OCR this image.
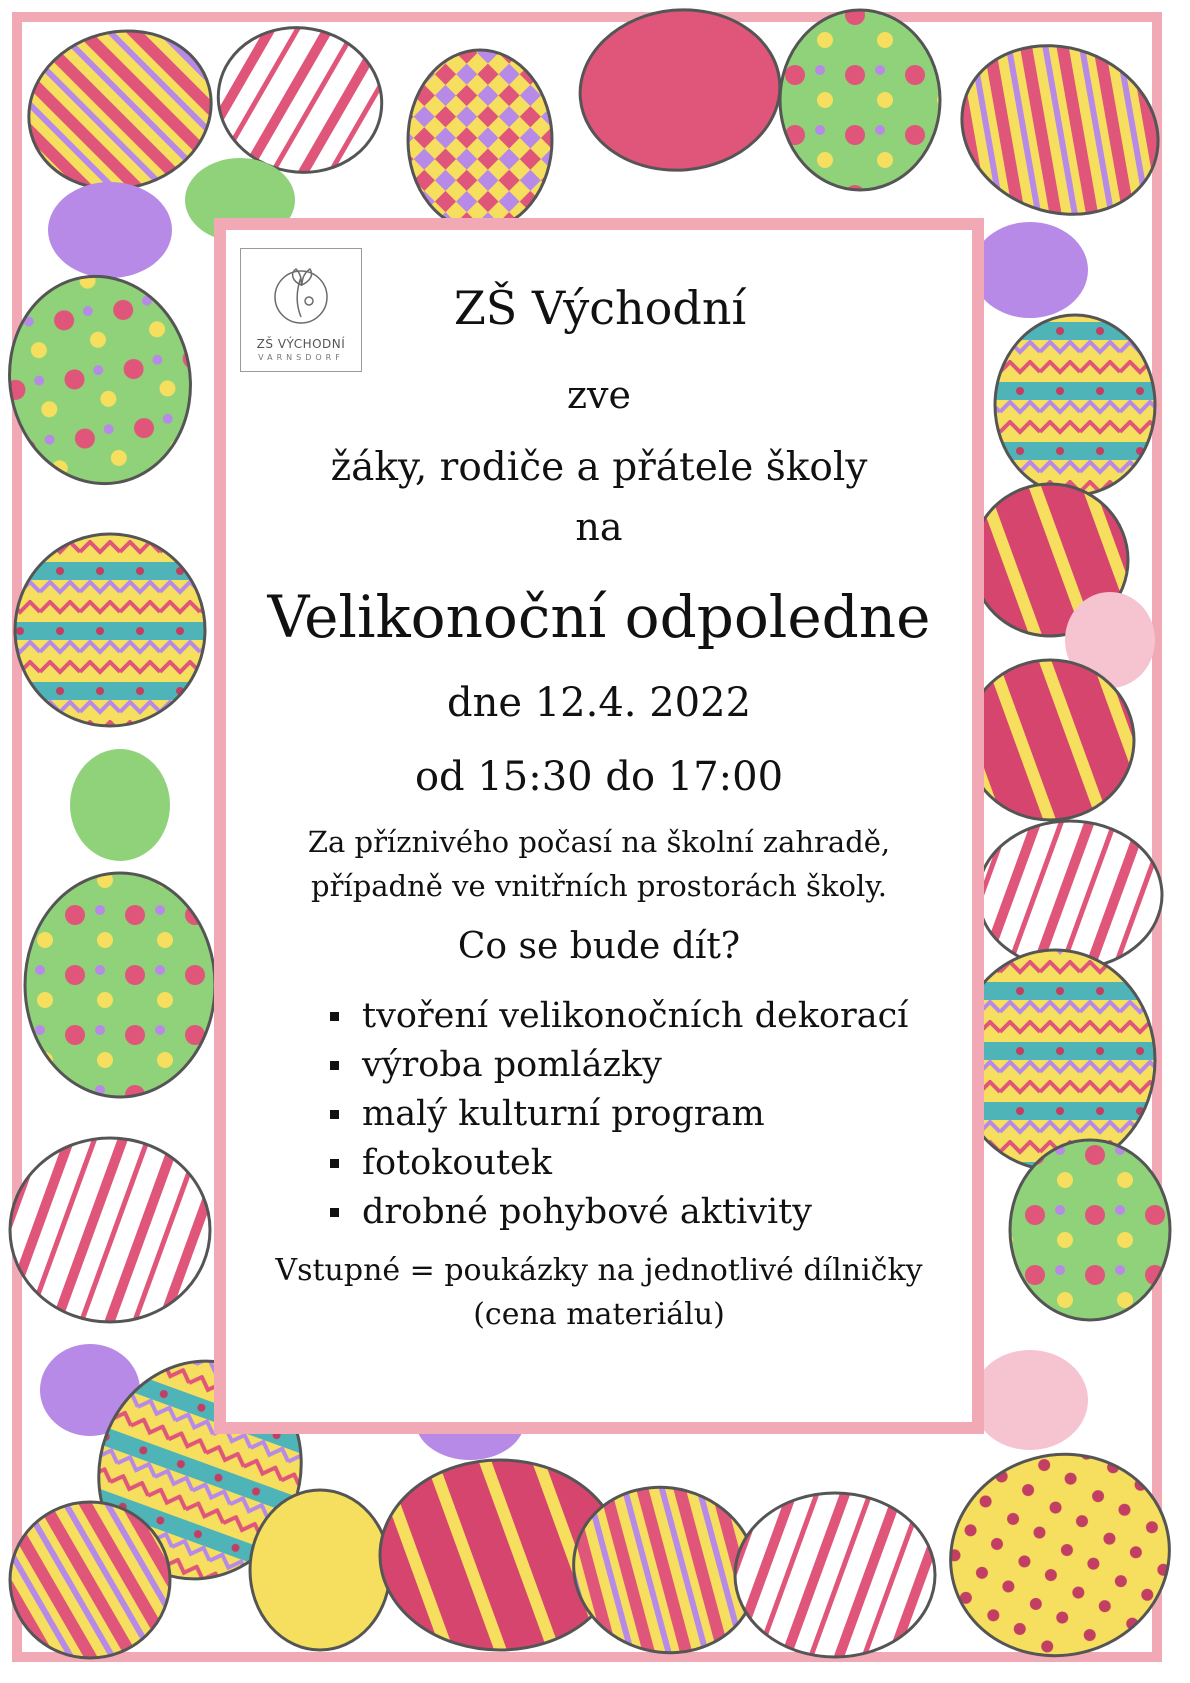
ZŠ VÝCHODNÍ
VARNSDORF
ZŠ Východní
zve
žáky, rodiče a přátele školy
na
Velikonoční odpoledne
dne 12.4. 2022
od 15:30 do 17:00
Za příznivého počasí na školní zahradě,
případně ve vnitřních prostorách školy.
Co se bude dít?
tvoření velikonočních dekorací
výroba pomlázky
malý kulturní program
fotokoutek
drobné pohybové aktivity
Vstupné = poukázky na jednotlivé dílničky
(cena materiálu)
